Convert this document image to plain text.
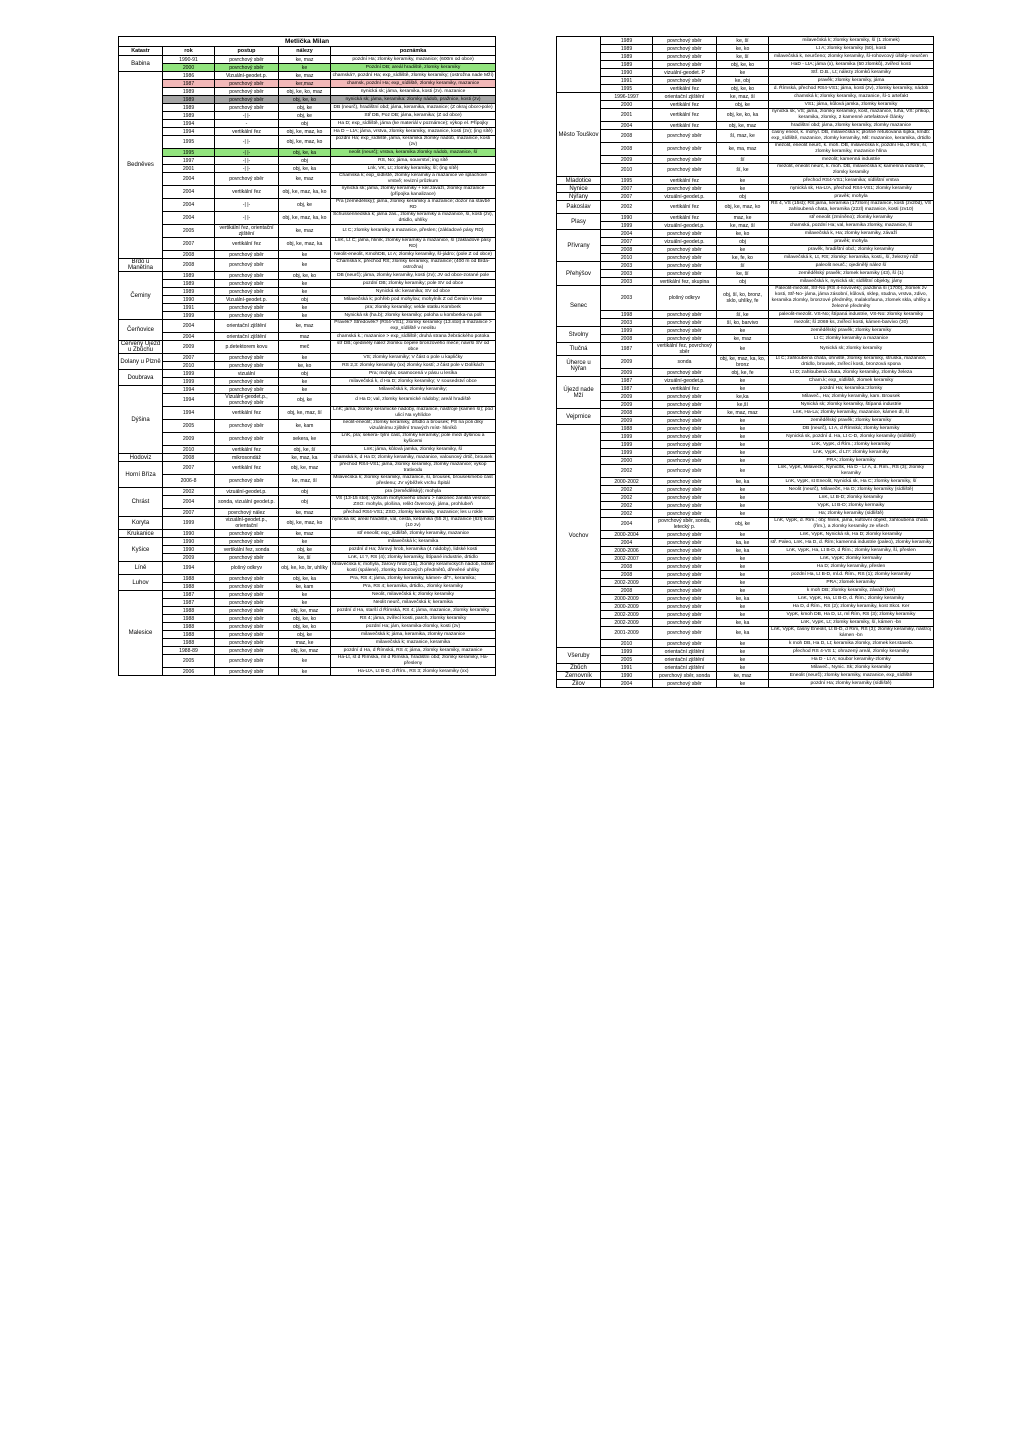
Metlička Milan				
Katastr	rok	postup	nálezy	poznámka
Babina	1990-91	povrchový sběr	ke, maz	pozdní Ha; zlomky keramiky, mazanice; (600m od obce)
	2000	povrchový sběr	ke	Pozdní DB; areál hradiště, zlomky keramiky
Bedněves	1986	Vizuální-geodet.p.	ke, maz	chamská?, pozdní Ha; exp_sídliště, zlomky keramiky; (ostrožna nade Mží)
	1987	povrchový sběr	ker,maz	chamsk, pozdní Ha; exp_sídliště, zlomky keramiky, mazanice
	1989	povrchový sběr	obj, ke, ko, maz	nynická sk; jáma, keramika, kosti (zv). mazanice
	1989	povrchový sběr	obj, ke, ko	nynická sk; jáma, keramika: zlomky nádob, pražnice, kosti (zv)
	1989	povrchový sběr	obj, ke	DB (neurč), hradištní obd; jáma, keramika, mazanice; (Z okraj obce>pole)
	1989	-| |-	obj, ke	Stř DB, Poz DB; jáma, keramika; (Z od obce)
	1994	-	obj	Ha D; exp_sídliště, jáma (ke materiál v poznámce); výkop el. Přípojky
	1994	vertikální řez	obj, ke, maz, ko	Ha D – LtA; jáma, vrstva, zlomky keramiky, mazanice, kosti (zv); (ing sítě)
	1995	-| |-	obj, ke, maz, ko	pozdní Ha; exp_sídliště, jáma, keramika zlomky nádob, mazanice, kosti (zv)
	1995	-| |-	obj, ke, ka	neolit (neurč); vrstva, keramika zlomky nádob, mazanice, ší
	1997	-| |-	obj	RS, No; jáma, souvrství; ing sítě
	2001	-| |-	obj, ke, ka	Lnk, VK, Lt; zlomky keramiky, ší; (ing sítě)
	2004	povrchový sběr	ke, maz	Chamská k; exp_sídliště, zlomky keramiky a mazanice ve splachové vrstvě; revizní průzkum
	2004	vertikální řez	obj, ke, maz, ka, ko	nynická sk; jáma, zlomky keramiky + ker.závaží, zlomky mazanice (přípojka kanalizace)
	2004	-| |-	obj, ke	Pra (zemědělský); jáma, zlomky keramiky a mazanice; dozor na stavbě RD
	2004	-| |-	obj, ke, maz, ka, ko	Schussenriedská k; jáma zás., zlomky keramiky a mazanice, ší, kosti (zv), drtidlo, uhlíky
	2005	vertikální řez, orientační zjištění	ke, maz	Lt C; zlomky keramiky a mazanice, přeslen; (základové pásy RD)
	2007	vertikální řez	obj, ke, maz, ka	LnK, Lt C; jáma, hliník, zlomky keramiky a mazanice, ší (základové pásy RD)
	2008	povrchový sběr	ke	Neolit-eneolit, KmohDB, Lt A; zlomky keramiky, ší-jádro; (pole Z od obce)
Brdo u Manětína	2008	povrchový sběr	ke	Chamská k, přechod RS; zlomky keramiky, mazanice; (400 m od Brda-ostrožna)
Čeminy	1989	povrchový sběr	obj, ke, ko	DB (neurč); jáma, zlomky keramiky, kosti (zv); JV od obce-zorané pole
	1989	povrchový sběr	ke	pozdní DB; zlomky keramiky; pole SV od obce
	1989	povrchový sběr	ke	Nynická sk: keramika; SV od obce
	1990	Vizuální-geodet.p.	obj	Milavečská k; pohřeb pod mohylou; mohylník Z od Čemin v lese
	1991	povrchový sběr	ke	pra; zlomky keramiky; velde statku Komberk
	1999	povrchový sběr	ke	Nynická sk (ha.b); zlomky keramiky; poloha u komberka-na poli
Čerňovice	2004	orientační zjištění	ke, maz	Pravěk? Středověk? (RS4-VS1); zlomky keramiky (13.stol) a mazanice > exp_sídliště v neolitu
	2004	orientační zjištění	maz	chamská k.; mazanice > exp_sídliště; druhá strana žebráckého potoka
Červený Újezd u Zbůchu	2009	p.detektorem kovu	meč	stř DB; ojedinělý nález zlomku čepele bronzového meče; návrší SV od obce
Dolany u Plzně	2007	povrchový sběr	ke	VS; zlomky keramiky; V část o pole u kapličky
	2010	povrchový sběr	ke, ko	RS 2,3: zlomky keramiky (xx) zlomky kostí; J část pole v Dolíkách
Doubrava	1999	vizuální	obj	Pra; mohyla; osamocená v pásu u lesíka
	1999	povrchový sběr	ke	milavečská k, d Ha D; zlomky keramiky; V sousedství obce
Dýšina	1994	povrchový sběr	ke	Milavečská k, zlomky keramiky;
	1994	Vizuální-geodet.p., povrchový sběr	obj, ke	d Ha D; val, zlomky keramické nádoby; areál hradiště
	1994	vertikální řez	obj, ke, maz, ší	LnK; jáma, zlomky keramické nádoby, mazanice, nástroje (kamen ší); pod ulicí Na vyhlídce
	2005	povrchový sběr	ke, kam	neolit-eneolit; zlomky keramiky, drtidlo a brousek; PS na poli díky vizuálnímu zjištění tmavých míst- hliníků
	2009	povrchový sběr	sekera, ke	LnK, pra; sekera- týlní část, zlomky keramiky; pole mezi dýšinou a kyšicemi
	2010	vertikální řez	obj, ke, ší	LnK; jáma, kůlová jamka, zlomky keramiky, ší
Hodoviz	2008	mikrosondáž	ke, maz, ka	chamská k, d Ha D; zlomky keramiky, mazanice, valounový drtič, brousek
Horní Bříza	2007	vertikální řez	obj, ke, maz	přechod RS4-VS1; jáma, zlomky keramiky, zlomky mazanice; výkop trativodu
	2006-8	povrchový sběr	ke, maz, ší	Milavečská k; zlomky keramiky, mazanice, ší, brousek, brousek/nebo část přeslenu; JV výběžek vrchu Špitál
Chrást	2002	vizuální-geodet.p.	obj	pra (zemědělský); mohyla
	2004	sonda, vizuální geodet.p.	obj	VS (13-15 stol); výzkum mohylového útvaru > nakonec zaniklá vesnice; ZSO: mohyla, plošina, relikt čtvercový, jáma, prohlubeň
	2007	povrchový nález	ke, maz	přechod RS4-VS1; ZSO, zlomky keramiky, mazanice; les u rokle
Koryta	1999	vizuální-geodet.p., orientační	obj, ke, maz, ko	nynická sk; areál hradiště, val, cesta, ketamika (55 zl), mazanice (6zl) kosti (10 zv)
Krukanice	1990	povrchový sběr	ke, maz	stř eneolit; exp_sídliště, zlomky keramiky, mazanice
Kyšice	1990	povrchový sběr	ke	milavečská k; keramika
	1990	vertikální řez, sonda	obj, ke	pozdní d Ha; žárový hrob, keramika (4 nádoby), lidské kosti
	2009	povrchový sběr	ke, ší	LnK, Lt ?, RS (4); zlomky keramiky, štípané industrie, drtidlo
Líně	1994	plošný odkryv	obj, ke, ko, br, uhlíky	Milavečská k; mohyla, žárový hrob (15), zlomky keramických nádob, lidské kosti (spálené), zlomky bronzových předmětů, dřevěné uhlíky
Luhov	1988	povrchový sběr	obj, ke, ka	Pra, RS 4; jáma, zlomky keramiky, kámen- dř?., keramika;
	1988	povrchový sběr	ke, kam	Pra, RS 4; keramika, drtidlo., zlomky keramiky
Malesice	1987	povrchový sběr	ke	Neolit, milavečská k; zlomky keramiky
	1987	povrchový sběr	ke	Neolit neurč, milavečská k; keramika
	1988	povrchový sběr	obj, ke, maz	pozdní d Ha, starší d Římská, RS 4; jáma, mazanice, zlomky keramiky
	1988	povrchový sběr	obj, ke, ko	RS 4; jáma, zvířecí kosti, parch, zlomky keramiky
	1988	povrchový sběr	obj, ke, ko	pozdní Ha; jám, keramika-zlomky, kosti (zv)
	1988	povrchový sběr	obj, ke	milavečská k; jáma, keramika, zlomky mazanice
	1988	povrchový sběr	maz, ke	milavečská k; mazanice, keramika
	1988-89	povrchový sběr	obj, ke, maz	pozdní d Ha, d Římská, RS 4; jáma, zlomky keramiky, mazanice
	2005	povrchový sběr	ke	Ha-Lt, st d Římská, ml d Římská, hradištní obd; zlomky keramiky, Ha-přesleny
	2006	povrchový sběr	ke	Ha-LtA, Lt B-D, d Řím., RS 3; zlomky keramiky (xx)
	1989	povrchový sběr	ke, ší	milavečská k; zlomky keramiky, ší (1 zlomek)
	1989	povrchový sběr	ke, ko	Lt A; zlomky keramiky (50), kosti
	1989	povrchový sběr	ke, ší	milavečská k, neurčeno; zlomky keramiky, ší-rohovcový úštěp- neurčen
	1989	povrchový sběr	obj, ke, ko	HaD - LtA; jáma (x), keramika (50 zlomků), zvířecí kosti
	1990	vizuální-geodet. P	ke	Stř. D.B., Lt; nálezy zlomků keramiky
	1991	povrchový sběr	ke, obj	pravěk; zlomky keramiky, jáma
	1995	vertikální řez	obj, ke, ko	d. Římská, přechod RS4-VS1; jáma, kosti (zv), zlomky keramiky, nádob
Město Touškov	1996-1997	orientační zjištění	ke, maz, ší	chamská k; zlomky keramiky, mazanice, ší-1 artefakt
	2000	vertikální řez	obj, ke	VS1; jáma, kůlová jamka, zlomky keramiky
	2001	vertikální řez	obj, ke, ko, ka	nynická sk, VS; jáma, zlomky keramiky, kost, mazanice, tuha, VS: příkop, keramika, zlomky, 2 kamenné artefaktové články
	2004	vertikální řez	obj, ke, maz	hradištní obd; jáma, zlomky keramiky, zlomky mazanice
	2008	povrchový sběr	ší, maz, ke	časný eneol, k. mohyl. DB, milavečská k; plošně retušovaná šipka, kmdb: exp_sídliště, mazanice, zlomky keramiky, Mil: mazanice, keramika, drtidlo
	2008	povrchový sběr	ke, ma, maz	mezolit, eneolit neurč, k. moh. DB, milavečská k, pozdní Ha, d Řím; ší, zlomky keramiky, mazanice hlína
	2009	povrchový sběr	ší	mezolit; kamenná industrie
	2010	povrchový sběr	ší, ke	mezolit, eneolit neurč, k. moh. DB, milavečská k; kamenná industrie, zlomky keramiky
Mladotice	1995	vertikální řez	ke	přechod RS4-VS1; keramika; sídlištní vrstva
Nynice	2007	povrchový sběr	ke	nynická sk, Ha-LtA, přechod RS4-VS1; zlomky keramiky
Nýřany	2007	vizuální-geodet.p.	obj	pravěk; mohyla
Pakoslav	2002	vertikální řez	obj, ke, maz, ko	RS 4, VS (15st); RS:jáma, keramika (17zlom) mazanice, kosti (zv20d), VS zahloubená chata, keramika (22zl) mazanice, kosti (zv10)
Plasy	1990	vertikální řez	maz, ke	stř eneolit (zmíněno); zlomky keramiky
	1999	vizuální-geodet.p.	ke, maz, ší	chamská, pozdní Ha; val, keramika zlomky, mazanice, ší
Přívrany	2004	povrchový sběr	ke, ko	milavečská k, Ha; zlomky keramiky, závaží
	2007	vizuální-geodet.p.	obj	pravěk; mohyla
	2008	povrchový sběr	ke	pravěk, hradištní obd.; zlomky keramiky
	2010	povrchový sběr	ke, fe, ko	milavečská k, Lt, RS; zlomky: keramika, kosti,, ší, železný nůž
Přehýšov	2003	povrchový sběr	ší	paleolit neurč.; ojedinělý nález ší
	2003	povrchový sběr	ke, ší	zemědělský pravěk; zlomek keramiky (43), ší (1)
	2003	vertikální řez, skupina	obj	milavečská k, nynická sk; sídlištní objekty, jámy
Senec	2003	plošný odkryv	obj, ší, ko, bronz, sklo, uhlíky, fe	Paleolit-mezolit, Stř-No (RS 4-novověk); pazdlina ší (1700), zlomek zv kosti, Stř-No- jáma, jáma zásobní, kůlová, sklep, studna, vrstva, zdivo, keramika zlomky, bronzové předměty, malakofauna, zlomek skla, uhlíky a železné předměty
	1998	povrchový sběr	ší, ke	paleolit-mezolit. VS-No; štípaná industrie, VS-No: zlomky keramiky
	2003	povrchový sběr	ší, ko, barvivo	mezolit; ší 2069 ks, zvířecí kosti, kámen-barvivo (30)
Stvolny	1999	povrchový sběr	ke	zemědělský pravěk; zlomky keramiky
	2008	povrchový sběr	ke, maz	Lt C; zlomky keramiky a mazanice
Tlučná	1987	vertikální řez, povrchový sběr	ke	Nynická sk; zlomky keramiky
Úherce u Nýřan	2009	sonda	obj, ke, maz, ka, ko, bronz	Lt C; zahloubená chata, ohniště, zlomky keramiky, struska, mazanice, drtidlo, brousek, zvířecí kosti, bronzová spona
	2009	povrchový sběr	obj, ke, fe	Lt D; zahloubená chata, zlomky keramiky, zlomky železa
Újezd nade Mží	1987	vizuální-geodet.p.	ke	Cham.k; exp_sídliště, zlomek keramiky
	1987	vertikální řez	ke	pozdní Ha; keramika::zlomky
	2009	povrchový sběr	ke,ka	Milaveč., Ha; zlomky keramiky, kam. Brousek
	2009	povrchový sběr	ke,ší	Nynická sk; zlomky keramiky, štípaná industrie
Vejprnice	2008	povrchový sběr	ke, maz, maz	LnK, Ha-La; zlomky keramiky, mazanice, kámen dl, ší
	2009	povrchový sběr	ke	zemědělský pravěk; zlomky keramiky
Vochov	1988	povrchový sběr	ke	DB (neurč), Lt A, d Římská; zlomky keramiky
	1999	povrchový sběr	ke	Nynická sk, pozdní d. Ha, Lt C-D, zlomky keramiky (sídliště)
	1999	povrhcový sběr	ke	LnK, VypK, d Řím.; zlomky keramiky
	1999	povrhcový sběr	ke	LnK, VypK, d Lt?: zlomky keramiky
	2000	povrhcový sběr	ke	PRA; zlomky keramiky
	2002	povrhcový sběr	ke	LnK, VypK, MilavečK, NynicSk, Ha D - Lr A, d. Řím., RS (3); zlomky keramiky
	2000-2002	povrchový sběr	ke, ka	LnK, VypK, st Eneolit, Nynická sk, Ha C; zlomky keramiky, ší
	2002	povrchový sběr	ke	Neolit (neurč), MilavečK, Ha D; zlomky keramiky (sídliště)
	2002	povrchový sběr	ke	LnK, Lt B-D; zlomky keramiky
	2002	povrchový sběr	ke	VypK, Lt B-D; zlomky kermaiky
	2002	povrchový sběr	ke	Ha; zlomky keramiky (sídliště)
	2004	povrchový sběr, sonda, letecký p.	obj, ke	LnK, VypK, d. Řím.; obj: hliník, jáma, kultovní objekt, zahloubená chata (řím.), a zlomky keramiky ze všech
	2000-2004	povrchový sběr	ke	LnK, VypK, Nynická sk, Ha D; zlomky keramiky
	2004	povrchový sběr	ka, ke	stř. Paleo, LnK, Ha D, d. Řím; kamenná industrie (paleo), zlomky keramiky
	2000-2006	povrchový sběr	ke, ka	LnK, VypK, Ha, Lt B-D, d Řím.; zlomky keramiky, ší, přeslen
	2002-2007	povrchový sběr	ke	LnK, VypK; zlomky kermaiky
	2008	povrchový sběr	ke	Ha D; zlomky keramiky, přeslen
	2008	povrchový sběr	ke	pozdní Ha, Lt B-D, ml.d. Řím., RS (1); zlomky keramiky
	2002-2009	povrchový sběr	ke	PRA; zlomek keramiky
	2008	povrchový sběr	ke	k moh DB; zlomky keramiky, závaží (ker)
	2000-2009	povrchový sběr	ke, ka	LnK, VypK, Ha, Lt B-D, d. Řím.; zlomky keramiky
	2000-2009	povrchový sběr	ke	Ha D, d Řím., RS (2); zlomky keramiky, kost Skot. Ker
	2002-2009	povrchový sběr	ke	VypK, kmoh DB, Ha D, Lt, ml Řím, RS (3); zlomky keramiky
	2002-2009	povrchový sběr	ke, ka	LnK, VypK, Lt; zlomky keramiky, ší, kámen -bn
	2001-2009	povrchový sběr	ke, ka	LnK, VypK, časný Eneolit, Lt B-D, d Řím, RS (3); zlomky keramiky, nástroj kámen -bn
	2010	povrchový sběr	ke	k moh DB, Ha D, Lt; keramika zlomky, zlomek ker.staveb.
Všeruby	1999	orientační zjištění	ke	přechod RS 4-VS 1; ohrazený areál, zlomky keramiky
	2005	orientační zjištění	ke	Ha D - Lt A; soubor keramiky-zlomky
Zbůch	1991	orientační zjištění	ke	Milaveč., Nynic. Sk; zlomky keramiky
Žernovník	1990	povrchový sběr, sonda	ke, maz	Eneolit (neurč); zlomky keramiky, mazanice, exp_sídliště
Žilov	2004	povrchový sběr	ke	pozdní Ha; zlomky keramiky (sídliště)
